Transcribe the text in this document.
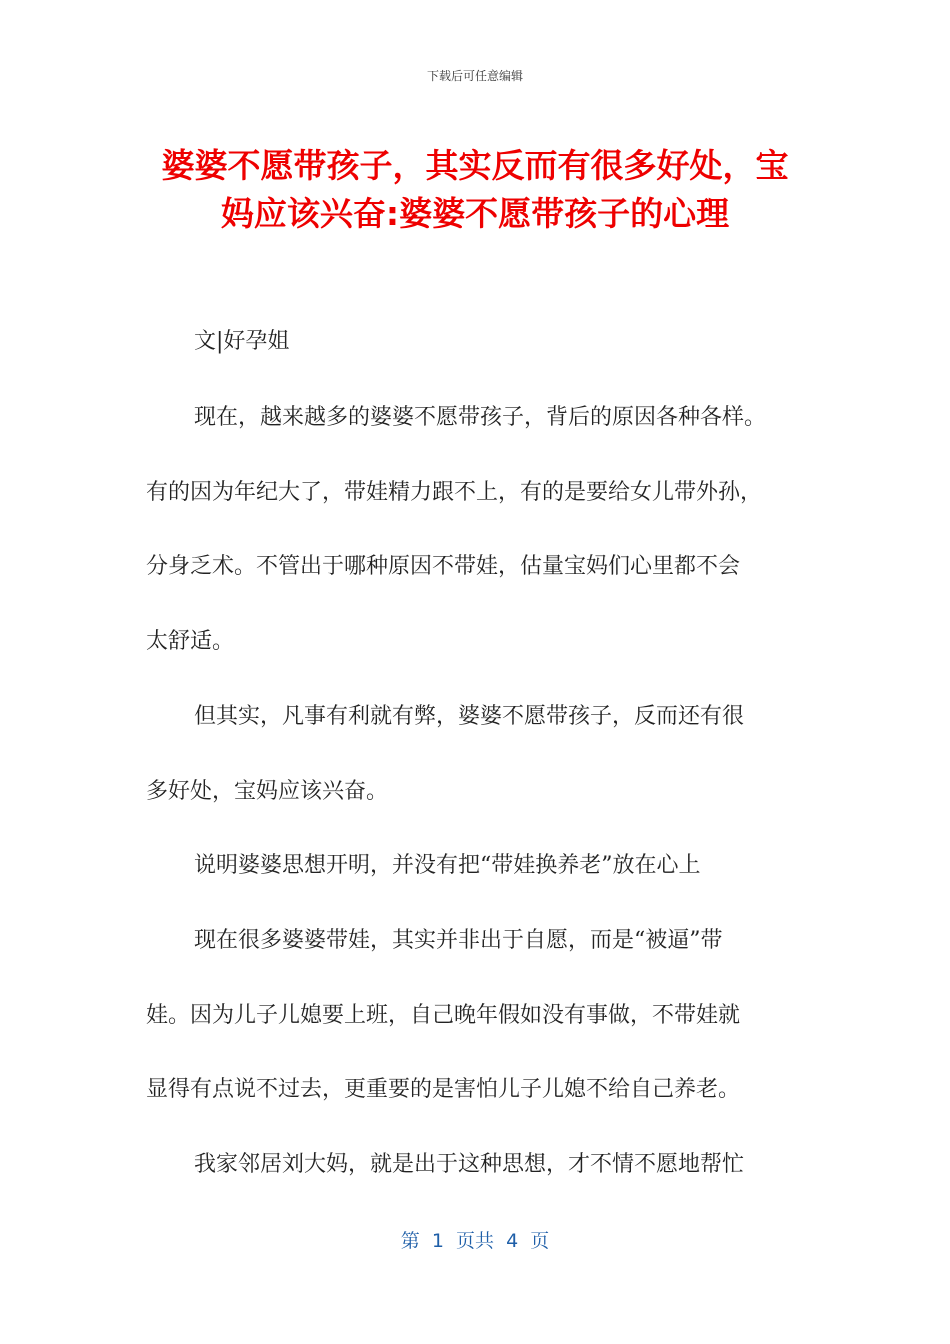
下载后可任意编辑
婆婆不愿带孩子，其实反而有很多好处，宝
妈应该兴奋:婆婆不愿带孩子的心理
文|好孕姐
现在，越来越多的婆婆不愿带孩子，背后的原因各种各样。
有的因为年纪大了，带娃精力跟不上，有的是要给女儿带外孙，
分身乏术。不管出于哪种原因不带娃，估量宝妈们心里都不会
太舒适。
但其实，凡事有利就有弊，婆婆不愿带孩子，反而还有很
多好处，宝妈应该兴奋。
说明婆婆思想开明，并没有把“带娃换养老”放在心上
现在很多婆婆带娃，其实并非出于自愿，而是“被逼”带
娃。因为儿子儿媳要上班，自己晚年假如没有事做，不带娃就
显得有点说不过去，更重要的是害怕儿子儿媳不给自己养老。
我家邻居刘大妈，就是出于这种思想，才不情不愿地帮忙
第  1  页共  4  页
